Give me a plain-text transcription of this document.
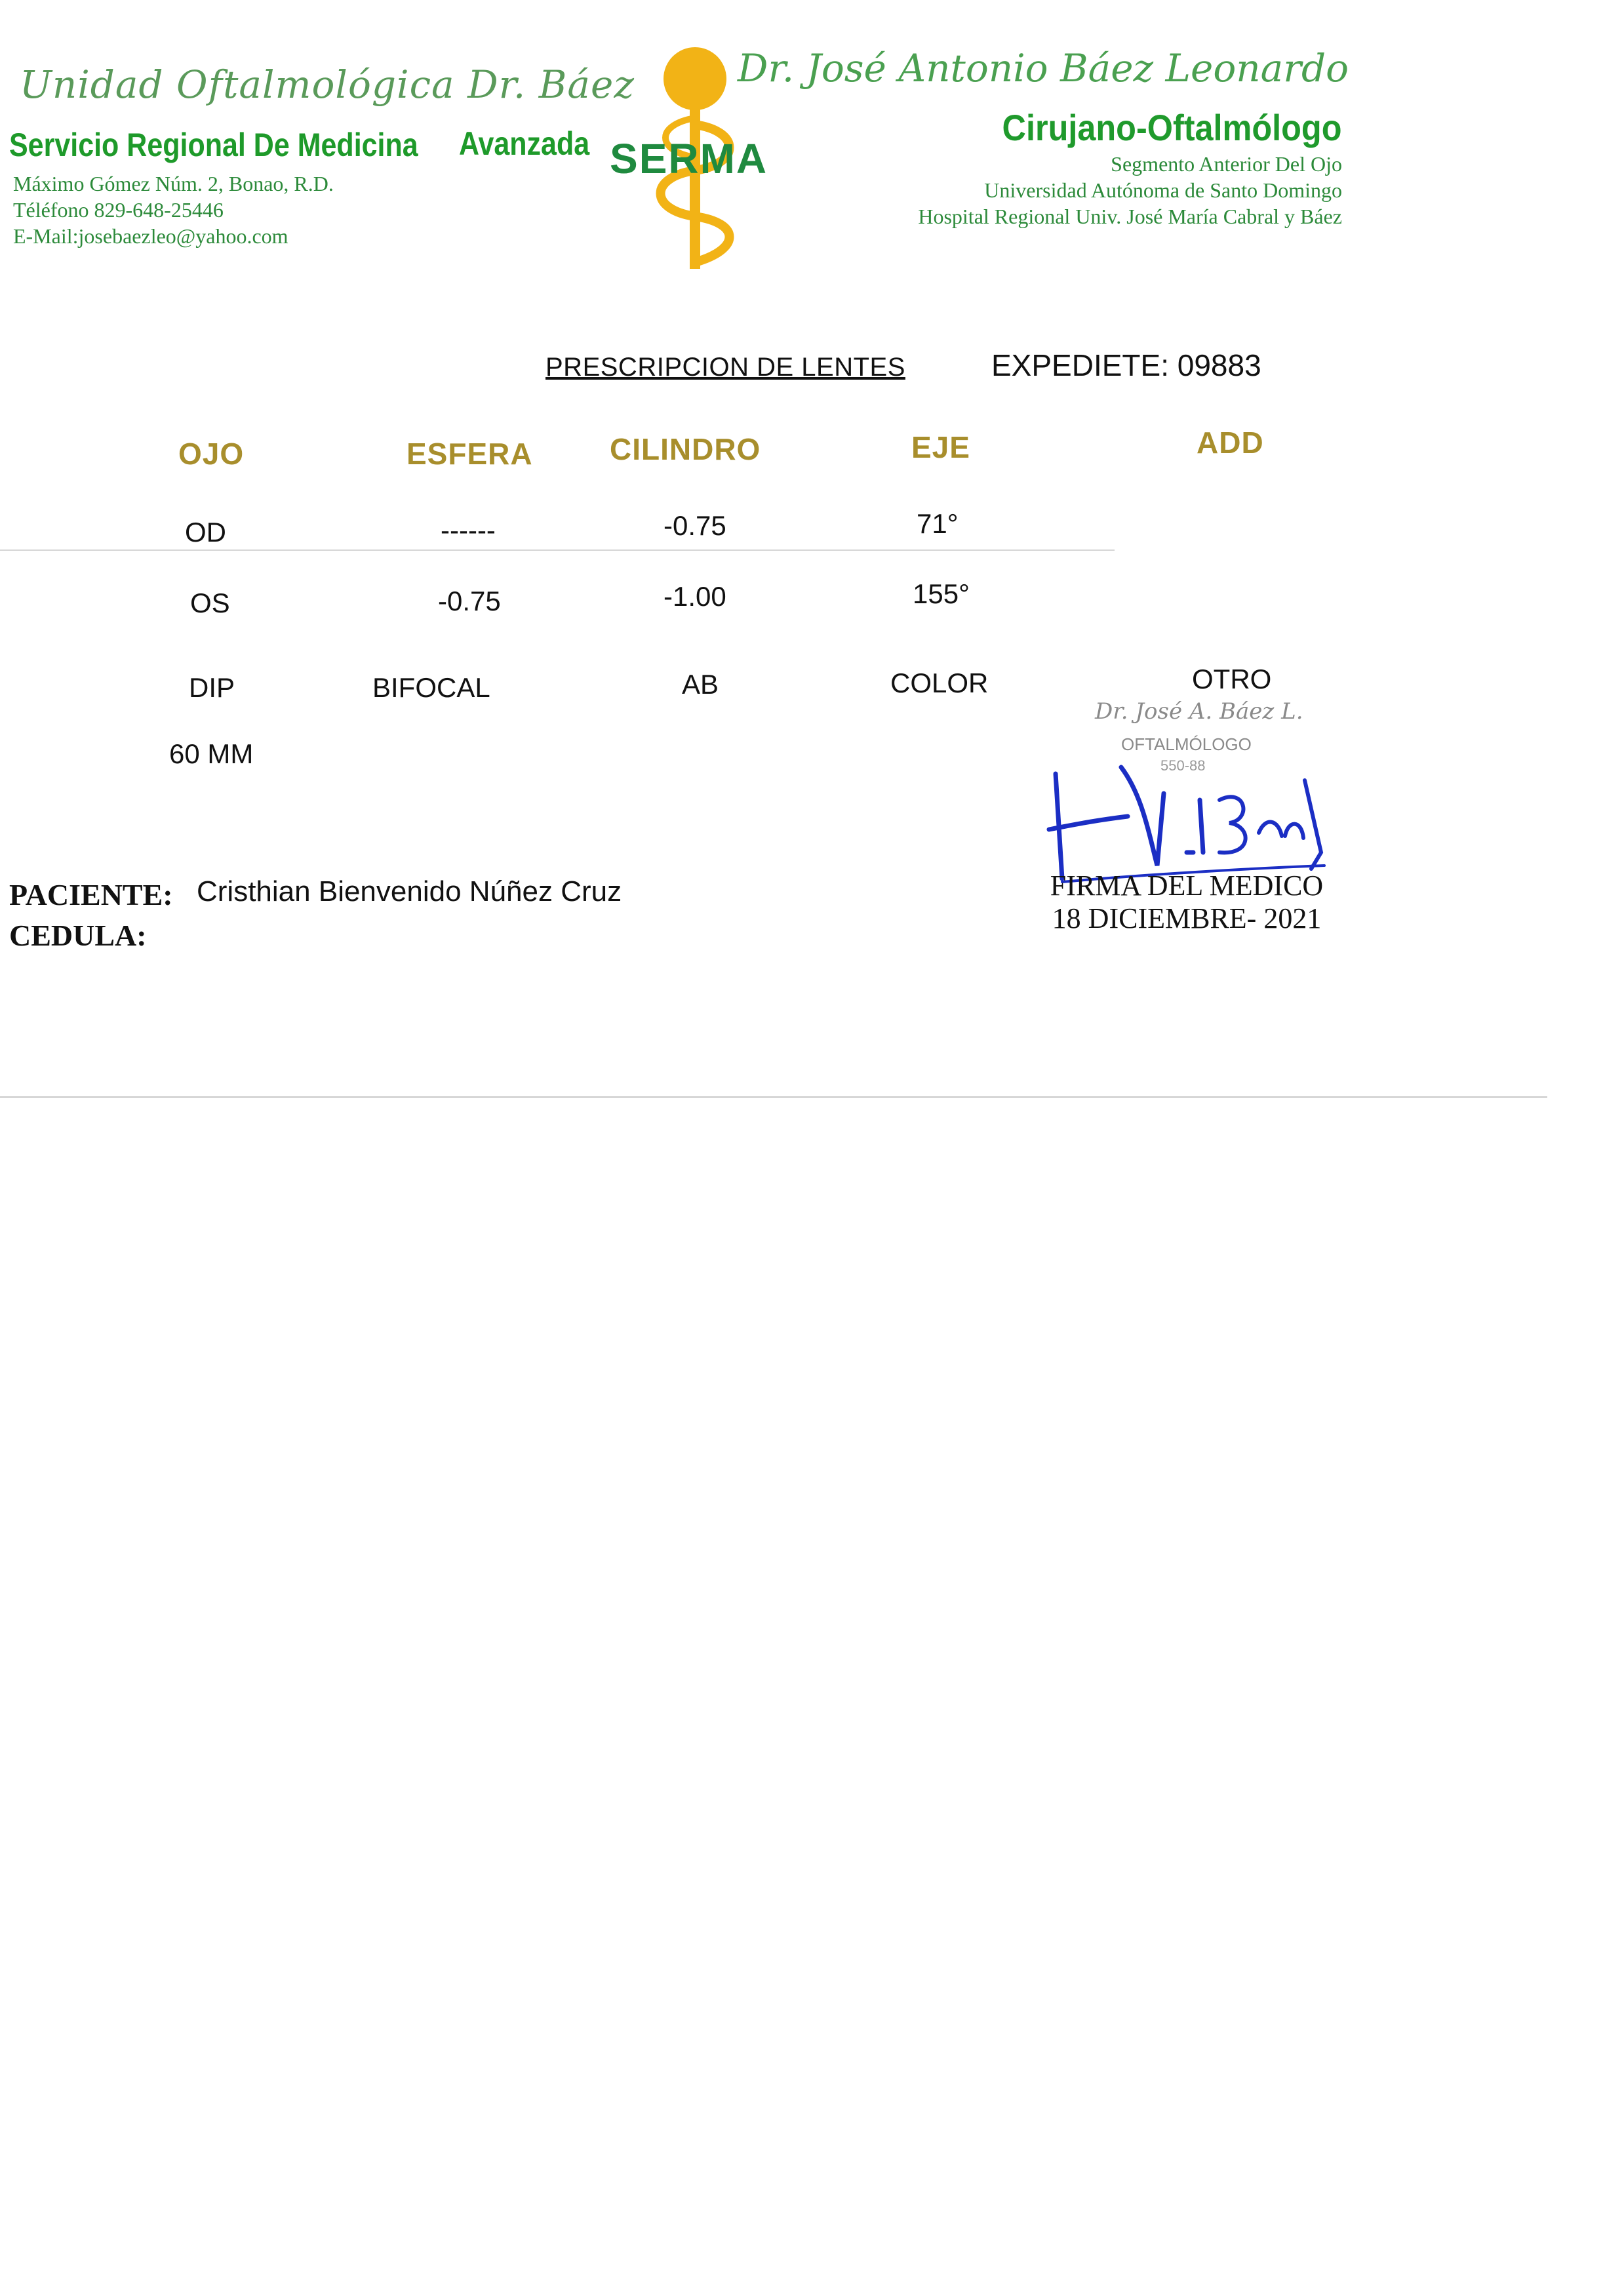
Unidad Oftalmológica Dr. Báez
Servicio Regional De Medicina Avanzada
Máximo Gómez Núm. 2, Bonao, R.D.
Téléfono 829-648-25446
E-Mail:josebaezleo@yahoo.com
SERMA
Dr. José Antonio Báez Leonardo
Cirujano-Oftalmólogo
Segmento Anterior Del Ojo
Universidad Autónoma de Santo Domingo
Hospital Regional Univ. José María Cabral y Báez
PRESCRIPCION DE LENTES	EXPEDIETE: 09883
OJO	ESFERA	CILINDRO	EJE	ADD
OD	------	-0.75	71°
OS	-0.75	-1.00	155°
DIP	BIFOCAL	AB	COLOR	OTRO
60 MM
Dr. José A. Báez L.
OFTALMÓLOGO
550-88
PACIENTE: Cristhian Bienvenido Núñez Cruz
CEDULA:
FIRMA DEL MEDICO
18 DICIEMBRE- 2021
